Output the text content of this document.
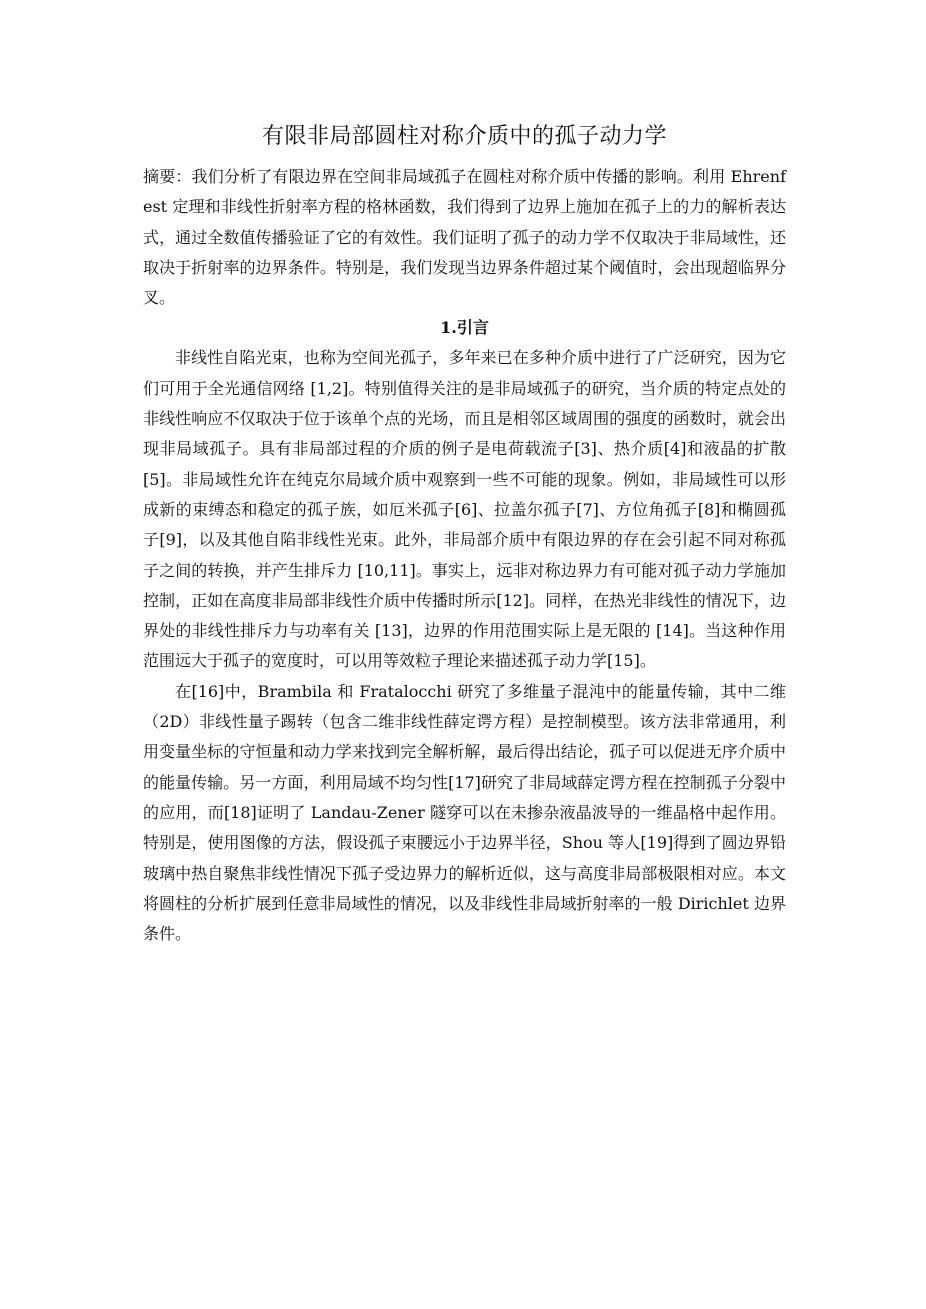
有限非局部圆柱对称介质中的孤子动力学

摘要：我们分析了有限边界在空间非局域孤子在圆柱对称介质中传播的影响。利用 Ehrenfest 定理和非线性折射率方程的格林函数，我们得到了边界上施加在孤子上的力的解析表达式，通过全数值传播验证了它的有效性。我们证明了孤子的动力学不仅取决于非局域性，还取决于折射率的边界条件。特别是，我们发现当边界条件超过某个阈值时，会出现超临界分叉。

1.引言

非线性自陷光束，也称为空间光孤子，多年来已在多种介质中进行了广泛研究，因为它们可用于全光通信网络 [1,2]。特别值得关注的是非局域孤子的研究，当介质的特定点处的非线性响应不仅取决于位于该单个点的光场，而且是相邻区域周围的强度的函数时，就会出现非局域孤子。具有非局部过程的介质的例子是电荷载流子[3]、热介质[4]和液晶的扩散[5]。非局域性允许在纯克尔局域介质中观察到一些不可能的现象。例如，非局域性可以形成新的束缚态和稳定的孤子族，如厄米孤子[6]、拉盖尔孤子[7]、方位角孤子[8]和椭圆孤子[9]，以及其他自陷非线性光束。此外，非局部介质中有限边界的存在会引起不同对称孤子之间的转换，并产生排斥力 [10,11]。事实上，远非对称边界力有可能对孤子动力学施加控制，正如在高度非局部非线性介质中传播时所示[12]。同样，在热光非线性的情况下，边界处的非线性排斥力与功率有关 [13]，边界的作用范围实际上是无限的 [14]。当这种作用范围远大于孤子的宽度时，可以用等效粒子理论来描述孤子动力学[15]。

在[16]中，Brambila 和 Fratalocchi 研究了多维量子混沌中的能量传输，其中二维（2D）非线性量子踢转（包含二维非线性薛定谔方程）是控制模型。该方法非常通用，利用变量坐标的守恒量和动力学来找到完全解析解，最后得出结论，孤子可以促进无序介质中的能量传输。另一方面，利用局域不均匀性[17]研究了非局域薛定谔方程在控制孤子分裂中的应用，而[18]证明了 Landau-Zener 隧穿可以在未掺杂液晶波导的一维晶格中起作用。特别是，使用图像的方法，假设孤子束腰远小于边界半径，Shou 等人[19]得到了圆边界铅玻璃中热自聚焦非线性情况下孤子受边界力的解析近似，这与高度非局部极限相对应。本文将圆柱的分析扩展到任意非局域性的情况，以及非线性非局域折射率的一般 Dirichlet 边界条件。
